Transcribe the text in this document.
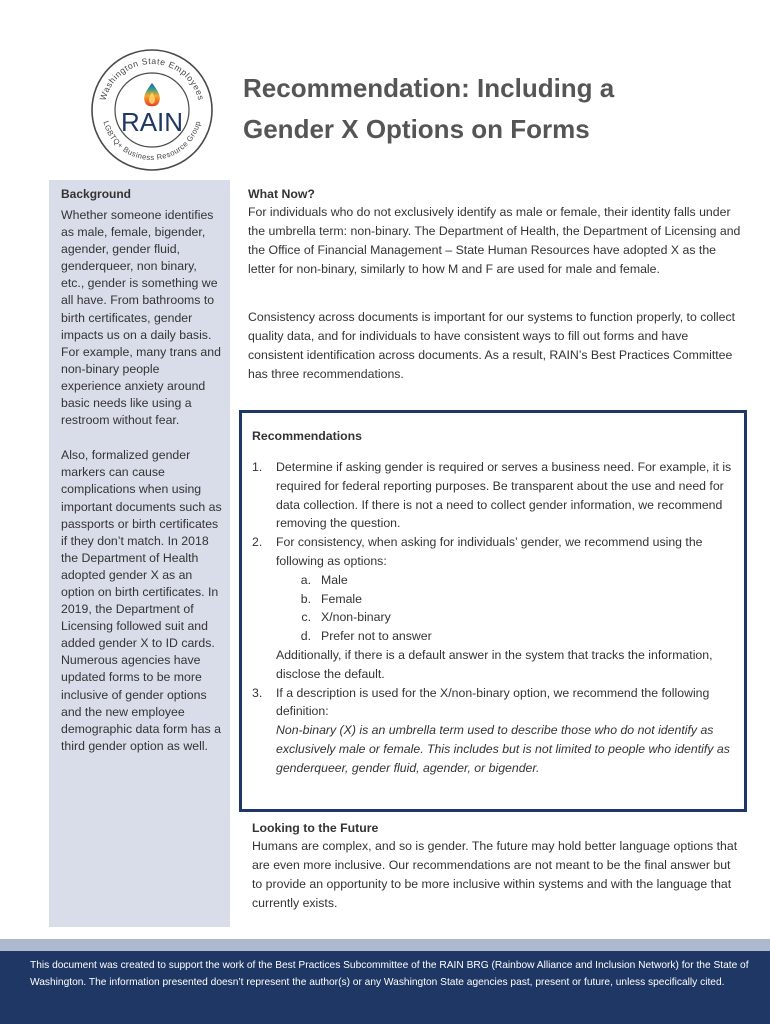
Washington State Employees
LGBTQ+ Business Resource Group
RAIN
Recommendation: Including a
Gender X Options on Forms
Background

Whether someone identifies as male, female, bigender, agender, gender fluid, genderqueer, non binary, etc., gender is something we all have. From bathrooms to birth certificates, gender impacts us on a daily basis. For example, many trans and non-binary people experience anxiety around basic needs like using a restroom without fear.

Also, formalized gender markers can cause complications when using important documents such as passports or birth certificates if they don’t match. In 2018 the Department of Health adopted gender X as an option on birth certificates. In 2019, the Department of Licensing followed suit and added gender X to ID cards. Numerous agencies have updated forms to be more inclusive of gender options and the new employee demographic data form has a third gender option as well.

What Now?

For individuals who do not exclusively identify as male or female, their identity falls under the umbrella term: non-binary. The Department of Health, the Department of Licensing and the Office of Financial Management – State Human Resources have adopted X as the letter for non-binary, similarly to how M and F are used for male and female.

Consistency across documents is important for our systems to function properly, to collect quality data, and for individuals to have consistent ways to fill out forms and have consistent identification across documents. As a result, RAIN’s Best Practices Committee has three recommendations.

Recommendations
1.	Determine if asking gender is required or serves a business need. For example, it is required for federal reporting purposes. Be transparent about the use and need for data collection. If there is not a need to collect gender information, we recommend removing the question.
2.	For consistency, when asking for individuals’ gender, we recommend using the following as options:
a. Male
b. Female
c. X/non-binary
d. Prefer not to answer
Additionally, if there is a default answer in the system that tracks the information, disclose the default.
3.	If a description is used for the X/non-binary option, we recommend the following definition:
Non-binary (X) is an umbrella term used to describe those who do not identify as exclusively male or female. This includes but is not limited to people who identify as genderqueer, gender fluid, agender, or bigender.
Looking to the Future

Humans are complex, and so is gender. The future may hold better language options that are even more inclusive. Our recommendations are not meant to be the final answer but to provide an opportunity to be more inclusive within systems and with the language that currently exists.

This document was created to support the work of the Best Practices Subcommittee of the RAIN BRG (Rainbow Alliance and Inclusion Network) for the State of Washington. The information presented doesn’t represent the author(s) or any Washington State agencies past, present or future, unless specifically cited.
